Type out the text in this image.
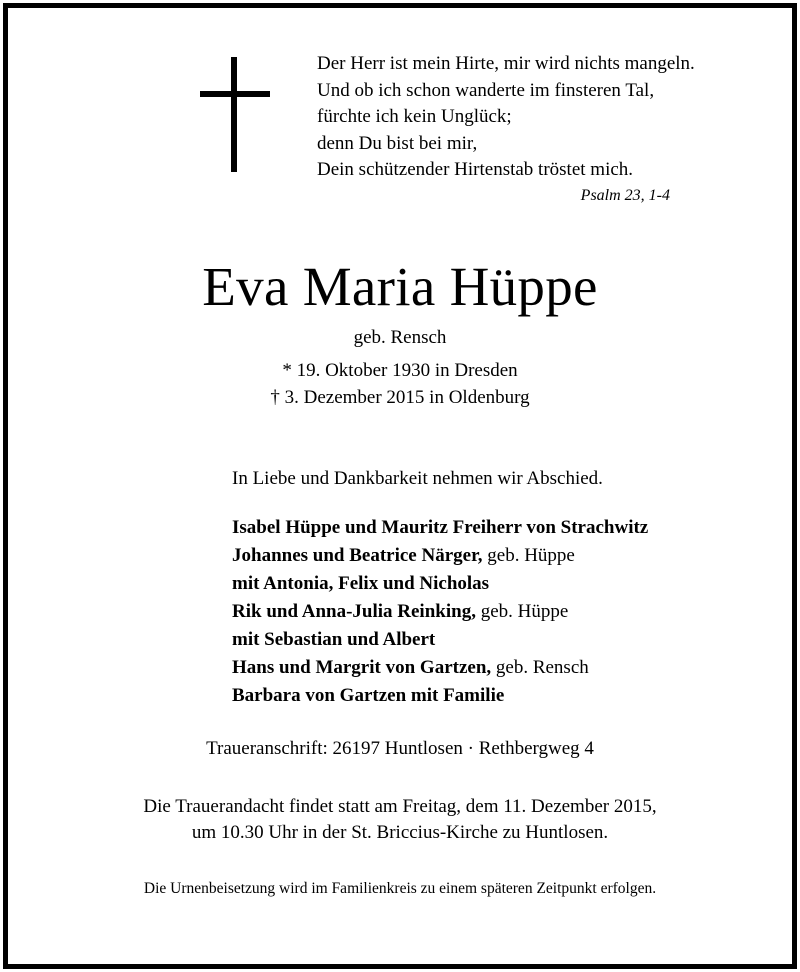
Der Herr ist mein Hirte, mir wird nichts mangeln.
Und ob ich schon wanderte im finsteren Tal,
fürchte ich kein Unglück;
denn Du bist bei mir,
Dein schützender Hirtenstab tröstet mich.
Psalm 23, 1-4
Eva Maria Hüppe
geb. Rensch
* 19. Oktober 1930 in Dresden
† 3. Dezember 2015 in Oldenburg
In Liebe und Dankbarkeit nehmen wir Abschied.
Isabel Hüppe und Mauritz Freiherr von Strachwitz
Johannes und Beatrice Närger, geb. Hüppe
mit Antonia, Felix und Nicholas
Rik und Anna-Julia Reinking, geb. Hüppe
mit Sebastian und Albert
Hans und Margrit von Gartzen, geb. Rensch
Barbara von Gartzen mit Familie
Traueranschrift: 26197 Huntlosen · Rethbergweg 4
Die Trauerandacht findet statt am Freitag, dem 11. Dezember 2015,
um 10.30 Uhr in der St. Briccius-Kirche zu Huntlosen.
Die Urnenbeisetzung wird im Familienkreis zu einem späteren Zeitpunkt erfolgen.
